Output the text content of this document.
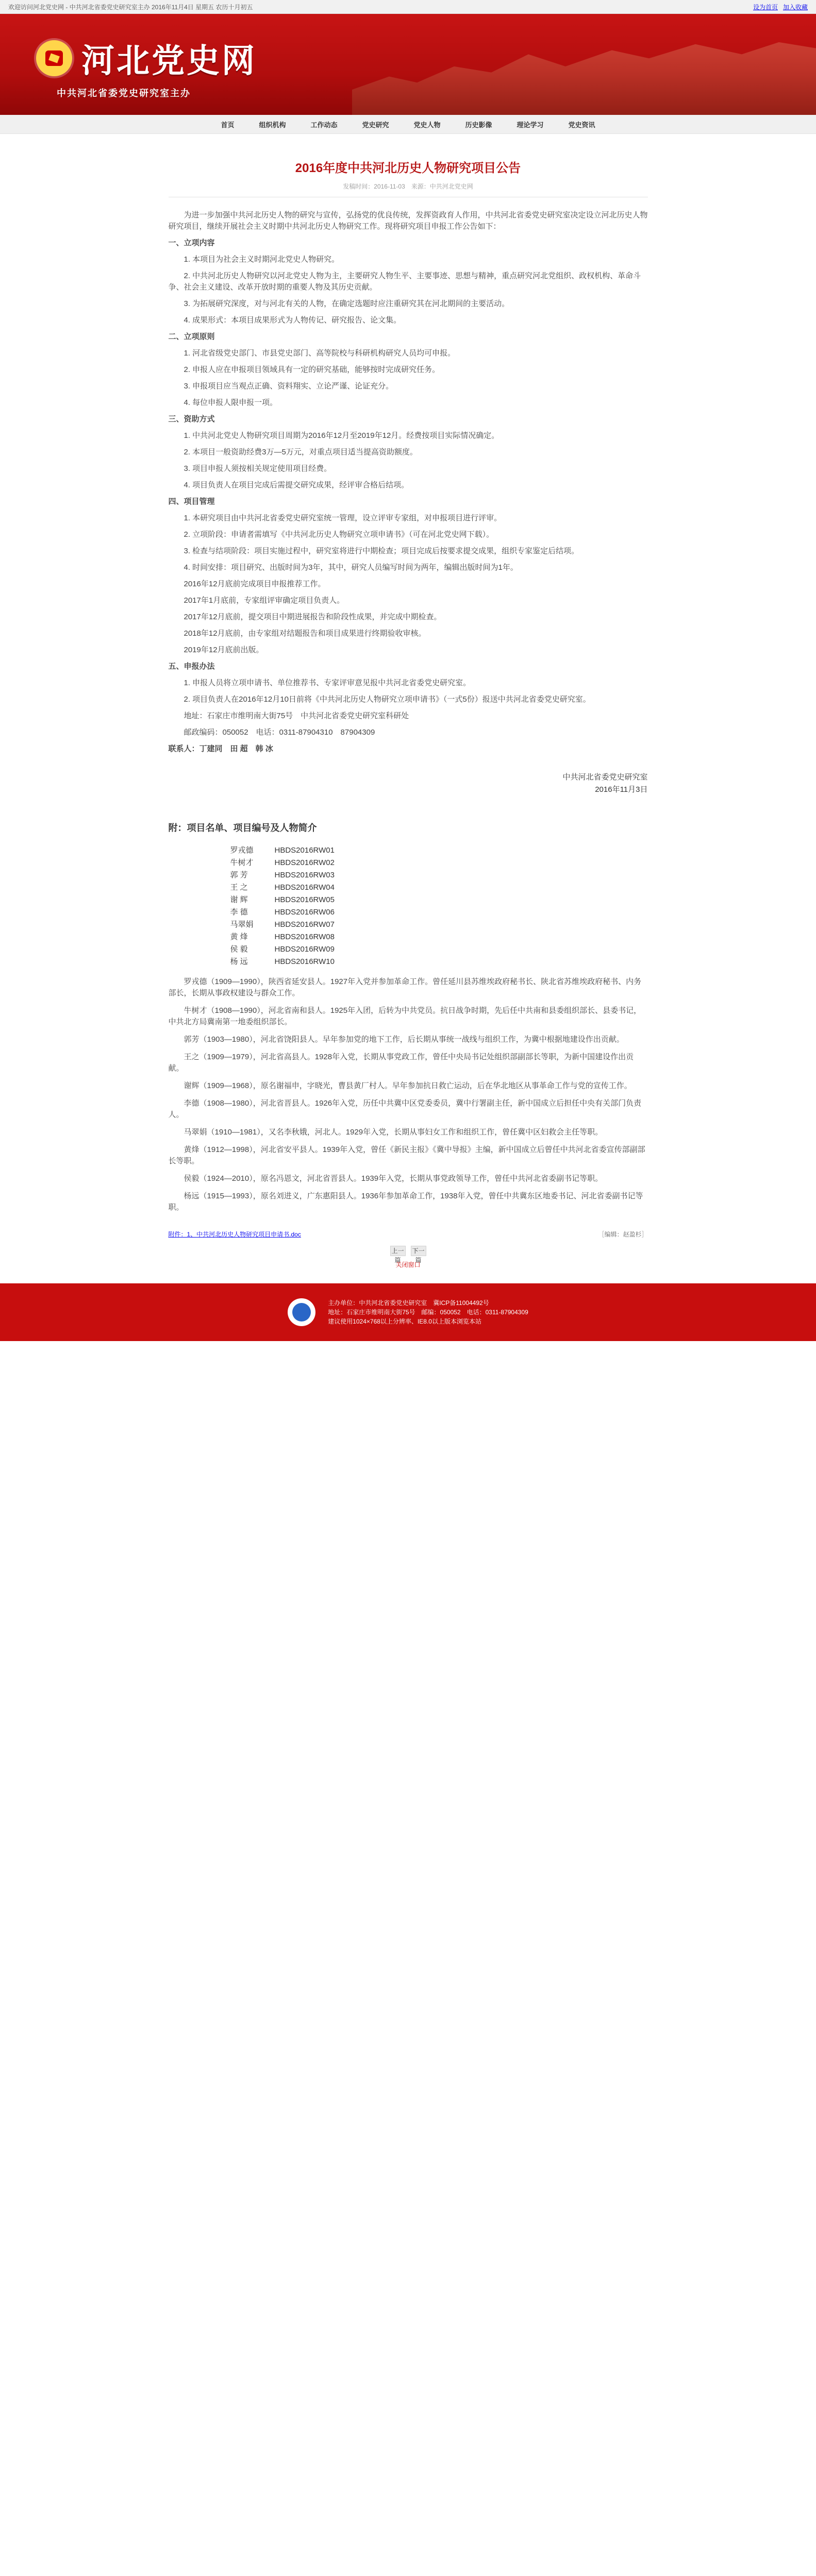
欢迎访问河北党史网 - 中共河北省委党史研究室主办 2016年11月4日 星期五 农历十月初五	设为首页 加入收藏
河北党史网
中共河北省委党史研究室主办
首页	组织机构	工作动态	党史研究	党史人物	历史影像	理论学习	党史资讯
2016年度中共河北历史人物研究项目公告
发稿时间：2016-11-03　来源：中共河北党史网

为进一步加强中共河北历史人物的研究与宣传，弘扬党的优良传统，发挥资政育人作用，中共河北省委党史研究室决定设立河北历史人物研究项目，继续开展社会主义时期中共河北历史人物研究工作。现将研究项目申报工作公告如下：

一、立项内容

1. 本项目为社会主义时期河北党史人物研究。

2. 中共河北历史人物研究以河北党史人物为主，主要研究人物生平、主要事迹、思想与精神，重点研究河北党组织、政权机构、革命斗争、社会主义建设、改革开放时期的重要人物及其历史贡献。

3. 为拓展研究深度，对与河北有关的人物，在确定选题时应注重研究其在河北期间的主要活动。

4. 成果形式：本项目成果形式为人物传记、研究报告、论文集。

二、立项原则

1. 河北省级党史部门、市县党史部门、高等院校与科研机构研究人员均可申报。

2. 申报人应在申报项目领域具有一定的研究基础，能够按时完成研究任务。

3. 申报项目应当观点正确、资料翔实、立论严谨、论证充分。

4. 每位申报人限申报一项。

三、资助方式

1. 中共河北党史人物研究项目周期为2016年12月至2019年12月。经费按项目实际情况确定。

2. 本项目一般资助经费3万—5万元，对重点项目适当提高资助额度。

3. 项目申报人须按相关规定使用项目经费。

4. 项目负责人在项目完成后需提交研究成果，经评审合格后结项。

四、项目管理

1. 本研究项目由中共河北省委党史研究室统一管理，设立评审专家组，对申报项目进行评审。

2. 立项阶段：申请者需填写《中共河北历史人物研究立项申请书》（可在河北党史网下载）。

3. 检查与结项阶段：项目实施过程中，研究室将进行中期检查；项目完成后按要求提交成果，组织专家鉴定后结项。

4. 时间安排：项目研究、出版时间为3年，其中，研究人员编写时间为两年，编辑出版时间为1年。

2016年12月底前完成项目申报推荐工作。

2017年1月底前，专家组评审确定项目负责人。

2017年12月底前，提交项目中期进展报告和阶段性成果，并完成中期检查。

2018年12月底前，由专家组对结题报告和项目成果进行终期验收审核。

2019年12月底前出版。

五、申报办法

1. 申报人员将立项申请书、单位推荐书、专家评审意见报中共河北省委党史研究室。

2. 项目负责人在2016年12月10日前将《中共河北历史人物研究立项申请书》（一式5份）报送中共河北省委党史研究室。

地址：石家庄市维明南大街75号　中共河北省委党史研究室科研处

邮政编码：050052　电话：0311-87904310　87904309

联系人：丁建同　田 超　韩 冰

中共河北省委党史研究室
2016年11月3日
附：项目名单、项目编号及人物简介
罗戎德	HBDS2016RW01
牛树才	HBDS2016RW02
郭 芳	HBDS2016RW03
王 之	HBDS2016RW04
谢 辉	HBDS2016RW05
李 德	HBDS2016RW06
马翠娟	HBDS2016RW07
黄 烽	HBDS2016RW08
侯 毅	HBDS2016RW09
杨 远	HBDS2016RW10

罗戎德（1909—1990），陕西省延安县人。1927年入党并参加革命工作。曾任延川县苏维埃政府秘书长、陕北省苏维埃政府秘书、内务部长，长期从事政权建设与群众工作。

牛树才（1908—1990），河北省南和县人。1925年入团，后转为中共党员。抗日战争时期，先后任中共南和县委组织部长、县委书记，中共北方局冀南第一地委组织部长。

郭芳（1903—1980），河北省饶阳县人。早年参加党的地下工作，后长期从事统一战线与组织工作，为冀中根据地建设作出贡献。

王之（1909—1979），河北省高县人。1928年入党，长期从事党政工作，曾任中央局书记处组织部副部长等职，为新中国建设作出贡献。

谢辉（1909—1968），原名谢福申，字晓光，曹县黄厂村人。早年参加抗日救亡运动，后在华北地区从事革命工作与党的宣传工作。

李德（1908—1980），河北省晋县人。1926年入党，历任中共冀中区党委委员，冀中行署副主任，新中国成立后担任中央有关部门负责人。

马翠娟（1910—1981），又名李秋娥，河北人。1929年入党，长期从事妇女工作和组织工作，曾任冀中区妇救会主任等职。

黄烽（1912—1998），河北省安平县人。1939年入党，曾任《新民主报》《冀中导报》主编，新中国成立后曾任中共河北省委宣传部副部长等职。

侯毅（1924—2010），原名冯恩文，河北省晋县人。1939年入党，长期从事党政领导工作，曾任中共河北省委副书记等职。

杨远（1915—1993），原名刘进义，广东惠阳县人。1936年参加革命工作，1938年入党，曾任中共冀东区地委书记、河北省委副书记等职。

附件：1、中共河北历史人物研究项目申请书.doc	［编辑：赵盈杉］
上一篇
下一篇
关闭窗口
主办单位：中共河北省委党史研究室　冀ICP备11004492号
地址：石家庄市维明南大街75号　邮编：050052　电话：0311-87904309
建议使用1024×768以上分辨率、IE8.0以上版本浏览本站
